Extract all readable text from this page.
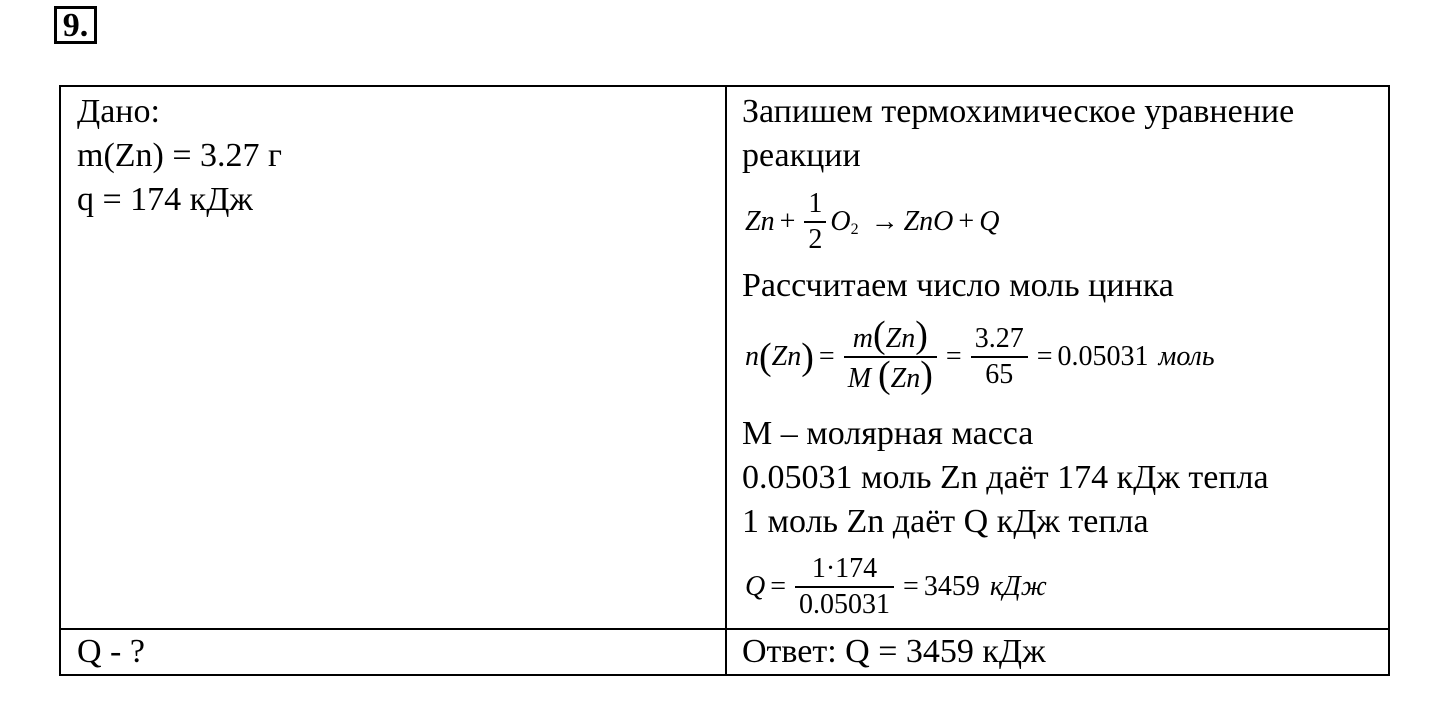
9.
Дано:
m(Zn) = 3.27 г
q = 174 кДж
Q - ?
Запишем термохимическое уравнение
реакции
$Zn + \frac{1}{2}$ O 2 → ZnO + Q
Рассчитаем число моль цинка
n ( Zn ) = $\frac{m(Zn)}{M (Zn)} = \frac{3.27}{65} = 0.05031$ моль
M – молярная масса
0.05031 моль Zn даёт 174 кДж тепла
1 моль Zn даёт Q кДж тепла
$Q = \frac{1\cdot 174}{0.05031} = 3459$ кДж
Ответ: Q = 3459 кДж
